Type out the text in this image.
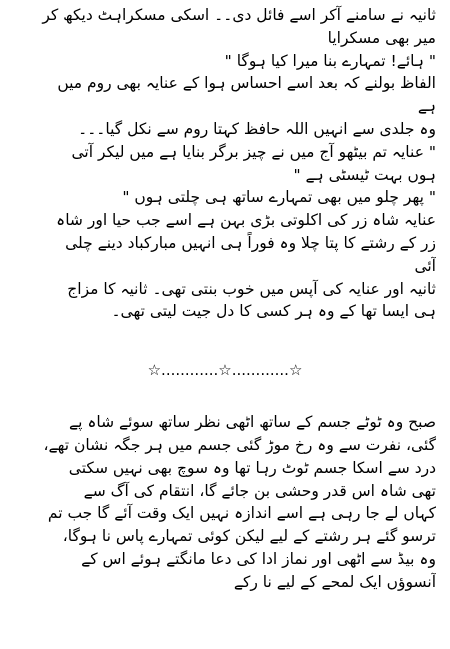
ثانیہ نے سامنے آکر اسے فائل دی۔۔ اسکی مسکراہٹ دیکھ کر
میر بھی مسکرایا
" ہائے! تمہارے بنا میرا کیا ہوگا "
الفاظ بولنے کہ بعد اسے احساس ہوا کے عنایہ بھی روم میں
ہے
وہ جلدی سے انہیں اللہ حافظ کہتا روم سے نکل گیا۔۔۔
" عنایہ تم بیٹھو آج میں نے چیز برگر بنایا ہے میں لیکر آتی
ہوں بہت ٹیسٹی ہے "
" پھر چلو میں بھی تمہارے ساتھ ہی چلتی ہوں "
عنایہ شاہ زر کی اکلوتی بڑی بہن ہے اسے جب حیا اور شاہ
زر کے رشتے کا پتا چلا وہ فوراً ہی انہیں مبارکباد دینے چلی
آئی
ثانیہ اور عنایہ کی آپس میں خوب بنتی تھی۔ ثانیہ کا مزاج
ہی ایسا تھا کے وہ ہر کسی کا دل جیت لیتی تھی۔
☆............☆............☆
صبح وہ ٹوٹے جسم کے ساتھ اٹھی نظر ساتھ سوئے شاہ پے
گئی، نفرت سے وہ رخ موڑ گئی جسم میں ہر جگہ نشان تھے،
درد سے اسکا جسم ٹوٹ رہا تھا وہ سوچ بھی نہیں سکتی
تھی شاہ اس قدر وحشی بن جائے گا، انتقام کی آگ سے
کہاں لے جا رہی ہے اسے اندازہ نہیں ایک وقت آئے گا جب تم
ترسو گئے ہر رشتے کے لیے لیکن کوئی تمہارے پاس نا ہوگا،
وہ بیڈ سے اٹھی اور نماز ادا کی دعا مانگتے ہوئے اس کے
آنسوؤں ایک لمحے کے لیے نا رکے
